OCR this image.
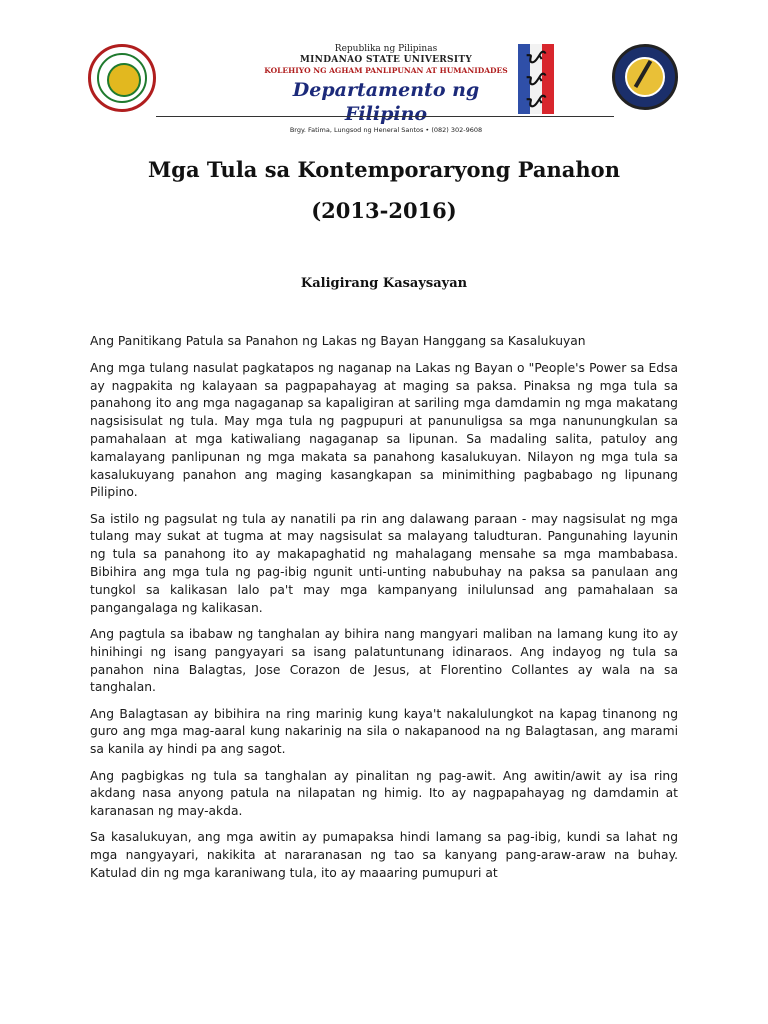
Republika ng Pilipinas
MINDANAO STATE UNIVERSITY
KOLEHIYO NG AGHAM PANLIPUNAN AT HUMANIDADES
Departamento ng Filipino
Brgy. Fatima, Lungsod ng Heneral Santos • (082) 302-9608
ᜉ
ᜉ
ᜉ
Mga Tula sa Kontemporaryong Panahon
(2013-2016)
Kaligirang Kasaysayan

Ang Panitikang Patula sa Panahon ng Lakas ng Bayan Hanggang sa Kasalukuyan

Ang mga tulang nasulat pagkatapos ng naganap na Lakas ng Bayan o "People's Power sa Edsa ay nagpakita ng kalayaan sa pagpapahayag at maging sa paksa. Pinaksa ng mga tula sa panahong ito ang mga nagaganap sa kapaligiran at sariling mga damdamin ng mga makatang nagsisisulat ng tula. May mga tula ng pagpupuri at panunuligsa sa mga nanunungkulan sa pamahalaan at mga katiwaliang nagaganap sa lipunan. Sa madaling salita, patuloy ang kamalayang panlipunan ng mga makata sa panahong kasalukuyan. Nilayon ng mga tula sa kasalukuyang panahon ang maging kasangkapan sa minimithing pagbabago ng lipunang Pilipino.

Sa istilo ng pagsulat ng tula ay nanatili pa rin ang dalawang paraan - may nagsisulat ng mga tulang may sukat at tugma at may nagsisulat sa malayang taludturan. Pangunahing layunin ng tula sa panahong ito ay makapaghatid ng mahalagang mensahe sa mga mambabasa. Bibihira ang mga tula ng pag-ibig ngunit unti-unting nabubuhay na paksa sa panulaan ang tungkol sa kalikasan lalo pa't may mga kampanyang inilulunsad ang pamahalaan sa pangangalaga ng kalikasan.

Ang pagtula sa ibabaw ng tanghalan ay bihira nang mangyari maliban na lamang kung ito ay hinihingi ng isang pangyayari sa isang palatuntunang idinaraos. Ang indayog ng tula sa panahon nina Balagtas, Jose Corazon de Jesus, at Florentino Collantes ay wala na sa tanghalan.

Ang Balagtasan ay bibihira na ring marinig kung kaya't nakalulungkot na kapag tinanong ng guro ang mga mag-aaral kung nakarinig na sila o nakapanood na ng Balagtasan, ang marami sa kanila ay hindi pa ang sagot.

Ang pagbigkas ng tula sa tanghalan ay pinalitan ng pag-awit. Ang awitin/awit ay isa ring akdang nasa anyong patula na nilapatan ng himig. Ito ay nagpapahayag ng damdamin at karanasan ng may-akda.

Sa kasalukuyan, ang mga awitin ay pumapaksa hindi lamang sa pag-ibig, kundi sa lahat ng mga nangyayari, nakikita at nararanasan ng tao sa kanyang pang-araw-araw na buhay. Katulad din ng mga karaniwang tula, ito ay maaaring pumupuri at
